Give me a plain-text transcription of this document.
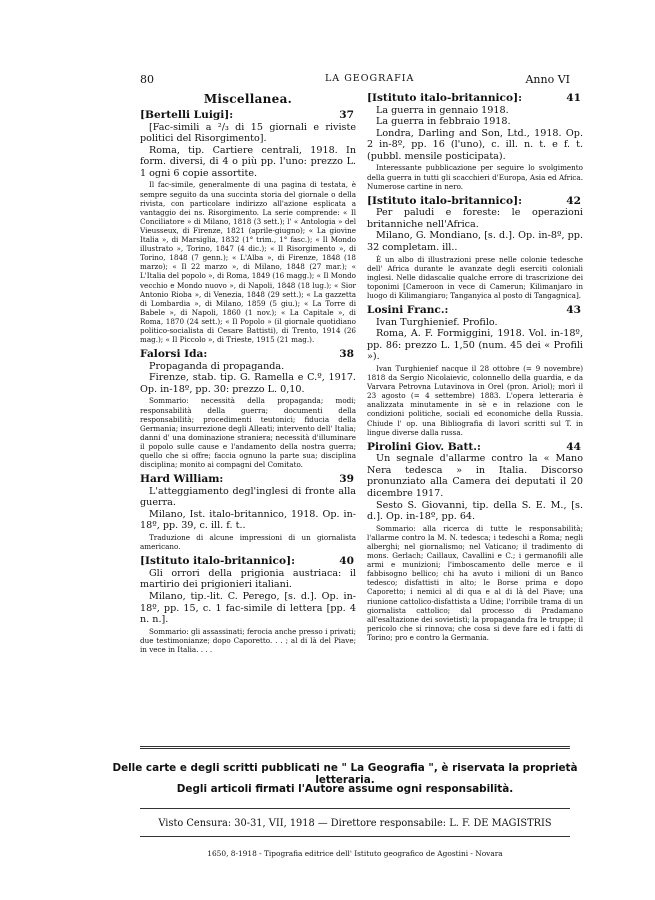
80	LA GEOGRAFIA	Anno VI
Miscellanea.
[Bertelli Luigi]:	37

[Fac-simili a ²/₃ di 15 giornali e riviste politici del Risorgimento].

Roma, tip. Cartiere centrali, 1918. In form. diversi, di 4 o più pp. l'uno: prezzo L. 1 ogni 6 copie assortite.

Il fac-simile, generalmente di una pagina di testata, è sempre seguito da una succinta storia del giornale o della rivista, con particolare indirizzo all'azione esplicata a vantaggio dei ns. Risorgimento. La serie comprende: « Il Conciliatore » di Milano, 1818 (3 sett.); l' « Antologia » del Vieusseux, di Firenze, 1821 (aprile-giugno); « La giovine Italia », di Marsiglia, 1832 (1° trim., 1° fasc.); « Il Mondo illustrato », Torino, 1847 (4 dic.); « Il Risorgimento », di Torino, 1848 (7 genn.); « L'Alba », di Firenze, 1848 (18 marzo); « Il 22 marzo », di Milano, 1848 (27 mar.); « L'Italia del popolo », di Roma, 1849 (16 magg.); « Il Mondo vecchio e Mondo nuovo », di Napoli, 1848 (18 lug.); « Sior Antonio Rioba », di Venezia, 1848 (29 sett.); « La gazzetta di Lombardia », di Milano, 1859 (5 giu.); « La Torre di Babele », di Napoli, 1860 (1 nov.); « La Capitale », di Roma, 1870 (24 sett.); « Il Popolo » (il giornale quotidiano politico-socialista di Cesare Battisti), di Trento, 1914 (26 mag.); « Il Piccolo », di Trieste, 1915 (21 mag.).

Falorsi Ida:	38

Propaganda di propaganda.

Firenze, stab. tip. G. Ramella e C.º, 1917. Op. in-18º, pp. 30: prezzo L. 0,10.

Sommario: necessità della propaganda; modi; responsabilità della guerra; documenti della responsabilità; procedimenti teutonici; fiducia della Germania; insurrezione degli Alleati; intervento dell' Italia; danni d' una dominazione straniera; necessità d'illuminare il popolo sulle cause e l'andamento della nostra guerra; quello che si offre; faccia ognuno la parte sua; disciplina disciplina; monito ai compagni del Comitato.

Hard William:	39

L'atteggiamento degl'inglesi di fronte alla guerra.

Milano, Ist. italo-britannico, 1918. Op. in-18º, pp. 39, c. ill. f. t..

Traduzione di alcune impressioni di un giornalista americano.

[Istituto italo-britannico]:	40

Gli orrori della prigionia austriaca: il martirio dei prigionieri italiani.

Milano, tip.-lit. C. Perego, [s. d.]. Op. in-18º, pp. 15, c. 1 fac-simile di lettera [pp. 4 n. n.].

Sommario: gli assassinati; ferocia anche presso i privati; due testimonianze; dopo Caporetto. . . ; al di là del Piave; in vece in Italia. . . .

[Istituto italo-britannico]:	41

La guerra in gennaio 1918.

La guerra in febbraio 1918.

Londra, Darling and Son, Ltd., 1918. Op. 2 in-8º, pp. 16 (l'uno), c. ill. n. t. e f. t. (pubbl. mensile posticipata).

Interessante pubblicazione per seguire lo svolgimento della guerra in tutti gli scacchieri d'Europa, Asia ed Africa. Numerose cartine in nero.

[Istituto italo-britannico]:	42

Per paludi e foreste: le operazioni britanniche nell'Africa.

Milano, G. Mondiano, [s. d.]. Op. in-8º, pp. 32 completam. ill..

È un albo di illustrazioni prese nelle colonie tedesche dell' Africa durante le avanzate degli eserciti coloniali inglesi. Nelle didascalie qualche errore di trascrizione dei toponimi [Cameroon in vece di Camerun; Kilimanjaro in luogo di Kilimangiaro; Tanganyica al posto di Tangagnica].

Losini Franc.:	43

Ivan Turghienief. Profilo.

Roma, A. F. Formiggini, 1918. Vol. in-18º, pp. 86: prezzo L. 1,50 (num. 45 dei « Profili »).

Ivan Turghienief nacque il 28 ottobre (= 9 novembre) 1818 da Sergio Nicolaievic, colonnello della guardia, e da Varvara Petrovna Lutavinova in Orel (pron. Ariol); morì il 23 agosto (= 4 settembre) 1883. L'opera letteraria è analizzata minutamente in sè e in relazione con le condizioni politiche, sociali ed economiche della Russia. Chiude l' op. una Bibliografia di lavori scritti sul T. in lingue diverse dalla russa.

Pirolini Giov. Batt.:	44

Un segnale d'allarme contro la « Mano Nera tedesca » in Italia. Discorso pronunziato alla Camera dei deputati il 20 dicembre 1917.

Sesto S. Giovanni, tip. della S. E. M., [s. d.]. Op. in-18º, pp. 64.

Sommario: alla ricerca di tutte le responsabilità; l'allarme contro la M. N. tedesca; i tedeschi a Roma; negli alberghi; nel giornalismo; nel Vaticano; il tradimento di mons. Gerlach; Caillaux, Cavallini e C.; i germanofili alle armi e munizioni; l'imboscamento delle merce e il fabbisogno bellico; chi ha avuto i milioni di un Banco tedesco; disfattisti in alto; le Borse prima e dopo Caporetto; i nemici al di qua e al di là del Piave; una riunione cattolico-disfattista a Udine; l'orribile trama di un giornalista cattolico; dal processo di Pradamano all'esaltazione dei sovietistì; la propaganda fra le truppe; il pericolo che si rinnova; che cosa si deve fare ed i fatti di Torino; pro e contro la Germania.

Delle carte e degli scritti pubblicati ne " La Geografia ", è riservata la proprietà letteraria.
Degli articoli firmati l'Autore assume ogni responsabilità.
Visto Censura: 30-31, VII, 1918 — Direttore responsabile: L. F. DE MAGISTRIS
1650, 8-1918 - Tipografia editrice dell' Istituto geografico de Agostini - Novara
